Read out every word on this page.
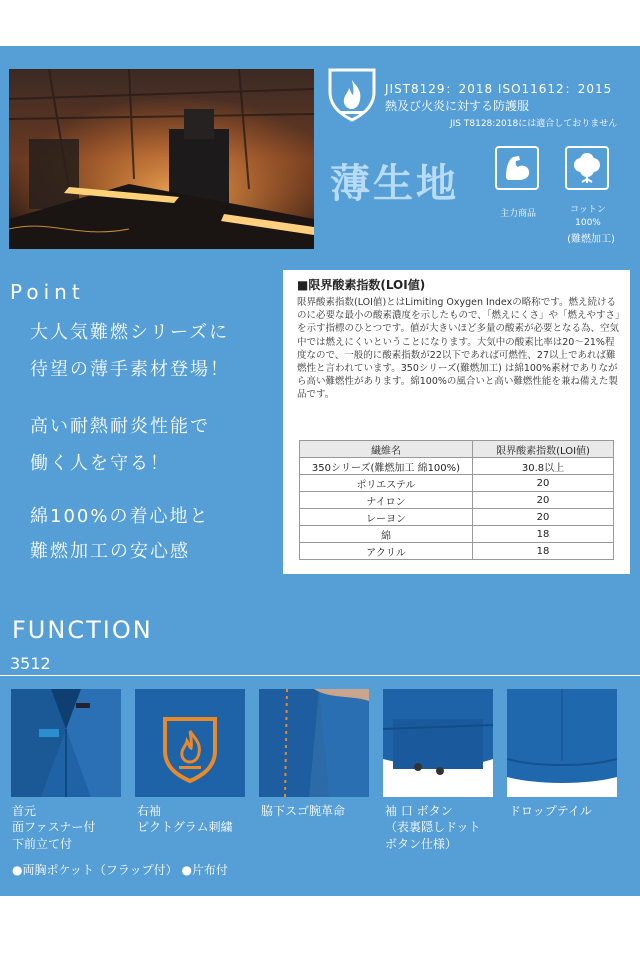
JIST8129：2018 ISO11612：2015
熱及び火炎に対する防護服
JIS T8128:2018には適合しておりません
薄生地
主力商品	コットン
100%
(難燃加工)
Point
大人気難燃シリーズに
待望の薄手素材登場！
高い耐熱耐炎性能で
働く人を守る！
綿100%の着心地と
難燃加工の安心感
■限界酸素指数(LOI値)
限界酸素指数(LOI値)とはLimiting Oxygen Indexの略称です。燃え続けるのに必要な最小の酸素濃度を示したもので、「燃えにくさ」や「燃えやすさ」を示す指標のひとつです。値が大きいほど多量の酸素が必要となる為、空気中では燃えにくいということになります。大気中の酸素比率は20～21%程度なので、一般的に酸素指数が22以下であれば可燃性、27以上であれば難燃性と言われています。350シリーズ(難燃加工) は綿100%素材でありながら高い難燃性があります。綿100%の風合いと高い難燃性能を兼ね備えた製品です。
繊維名	限界酸素指数(LOI値)
350シリーズ(難燃加工 綿100%)	30.8以上
ポリエステル	20
ナイロン	20
レーヨン	20
綿	18
アクリル	18
FUNCTION
3512
首元
面ファスナー付
下前立て付
右袖
ピクトグラム刺繍
脇下スゴ腕革命	袖 口 ボタン
（表裏隠しドット
ボタン仕様）
ドロップテイル
●両胸ポケット（フラップ付） ●片布付
